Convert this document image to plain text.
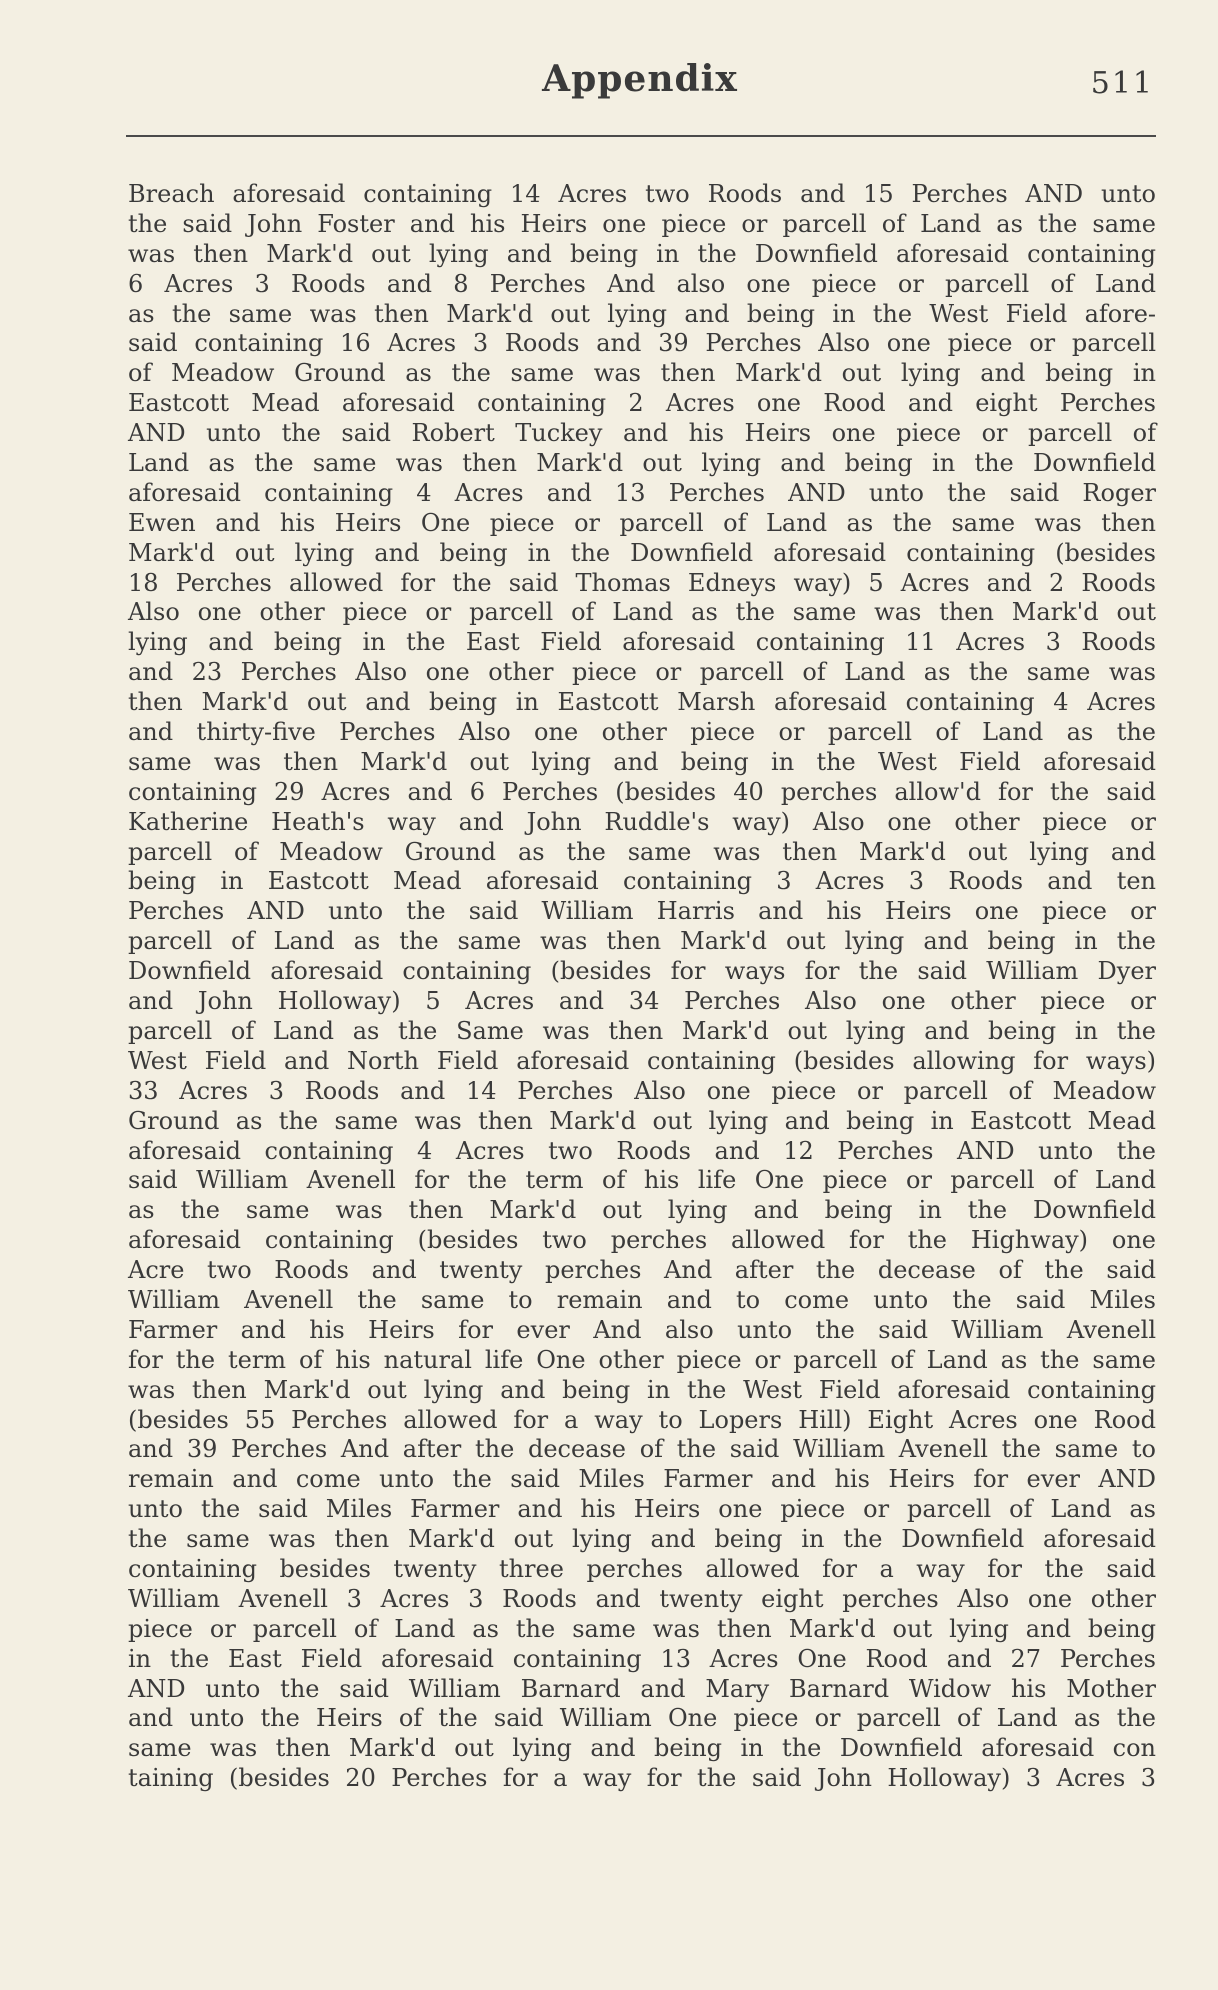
Appendix	511
Breach aforesaid containing 14 Acres two Roods and 15 Perches AND unto
the said John Foster and his Heirs one piece or parcell of Land as the same
was then Mark'd out lying and being in the Downfield aforesaid containing
6 Acres 3 Roods and 8 Perches And also one piece or parcell of Land
as the same was then Mark'd out lying and being in the West Field afore-
said containing 16 Acres 3 Roods and 39 Perches Also one piece or parcell
of Meadow Ground as the same was then Mark'd out lying and being in
Eastcott Mead aforesaid containing 2 Acres one Rood and eight Perches
AND unto the said Robert Tuckey and his Heirs one piece or parcell of
Land as the same was then Mark'd out lying and being in the Downfield
aforesaid containing 4 Acres and 13 Perches AND unto the said Roger
Ewen and his Heirs One piece or parcell of Land as the same was then
Mark'd out lying and being in the Downfield aforesaid containing (besides
18 Perches allowed for the said Thomas Edneys way) 5 Acres and 2 Roods
Also one other piece or parcell of Land as the same was then Mark'd out
lying and being in the East Field aforesaid containing 11 Acres 3 Roods
and 23 Perches Also one other piece or parcell of Land as the same was
then Mark'd out and being in Eastcott Marsh aforesaid containing 4 Acres
and thirty-five Perches Also one other piece or parcell of Land as the
same was then Mark'd out lying and being in the West Field aforesaid
containing 29 Acres and 6 Perches (besides 40 perches allow'd for the said
Katherine Heath's way and John Ruddle's way) Also one other piece or
parcell of Meadow Ground as the same was then Mark'd out lying and
being in Eastcott Mead aforesaid containing 3 Acres 3 Roods and ten
Perches AND unto the said William Harris and his Heirs one piece or
parcell of Land as the same was then Mark'd out lying and being in the
Downfield aforesaid containing (besides for ways for the said William Dyer
and John Holloway) 5 Acres and 34 Perches Also one other piece or
parcell of Land as the Same was then Mark'd out lying and being in the
West Field and North Field aforesaid containing (besides allowing for ways)
33 Acres 3 Roods and 14 Perches Also one piece or parcell of Meadow
Ground as the same was then Mark'd out lying and being in Eastcott Mead
aforesaid containing 4 Acres two Roods and 12 Perches AND unto the
said William Avenell for the term of his life One piece or parcell of Land
as the same was then Mark'd out lying and being in the Downfield
aforesaid containing (besides two perches allowed for the Highway) one
Acre two Roods and twenty perches And after the decease of the said
William Avenell the same to remain and to come unto the said Miles
Farmer and his Heirs for ever And also unto the said William Avenell
for the term of his natural life One other piece or parcell of Land as the same
was then Mark'd out lying and being in the West Field aforesaid containing
(besides 55 Perches allowed for a way to Lopers Hill) Eight Acres one Rood
and 39 Perches And after the decease of the said William Avenell the same to
remain and come unto the said Miles Farmer and his Heirs for ever AND
unto the said Miles Farmer and his Heirs one piece or parcell of Land as
the same was then Mark'd out lying and being in the Downfield aforesaid
containing besides twenty three perches allowed for a way for the said
William Avenell 3 Acres 3 Roods and twenty eight perches Also one other
piece or parcell of Land as the same was then Mark'd out lying and being
in the East Field aforesaid containing 13 Acres One Rood and 27 Perches
AND unto the said William Barnard and Mary Barnard Widow his Mother
and unto the Heirs of the said William One piece or parcell of Land as the
same was then Mark'd out lying and being in the Downfield aforesaid con
taining (besides 20 Perches for a way for the said John Holloway) 3 Acres 3
